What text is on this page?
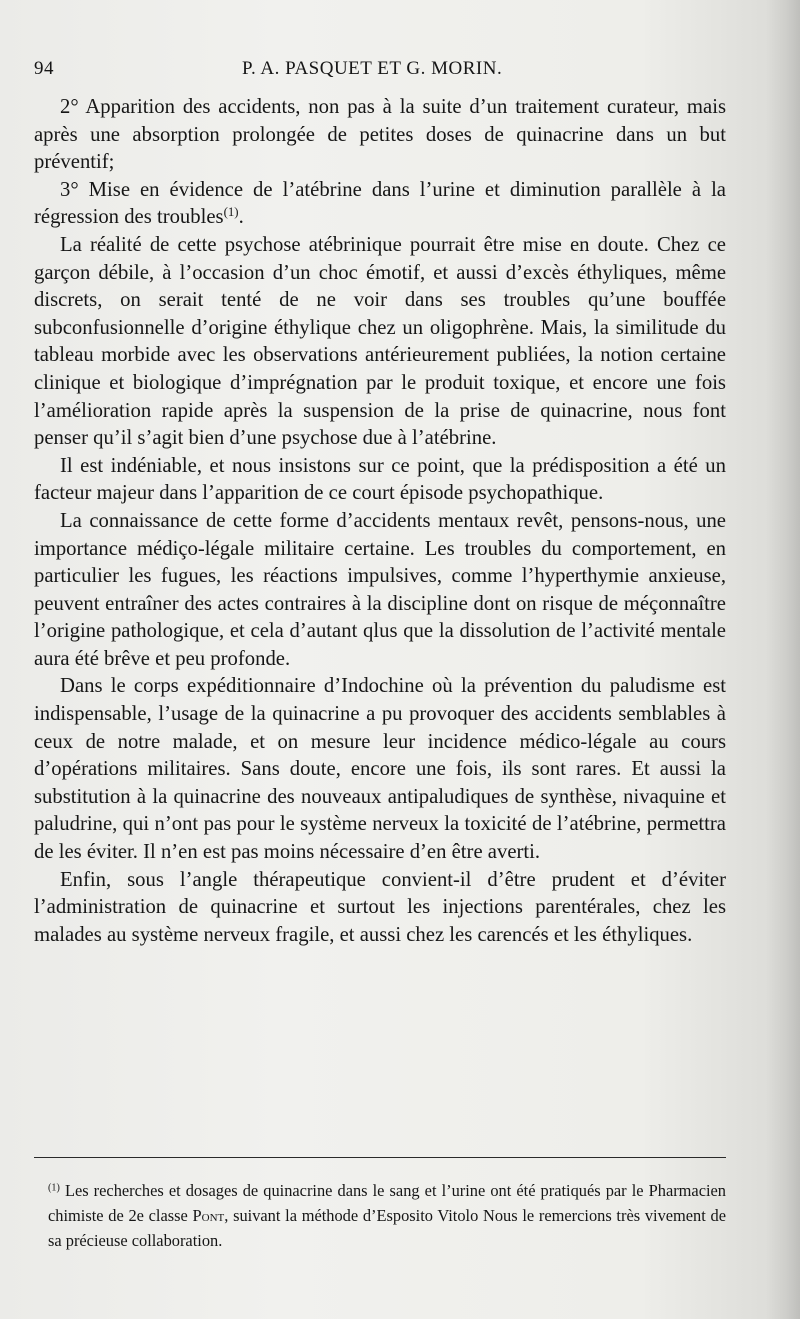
94	P. A. PASQUET ET G. MORIN.

2° Apparition des accidents, non pas à la suite d’un traitement curateur, mais après une absorption prolongée de petites doses de quinacrine dans un but préventif;

3° Mise en évidence de l’atébrine dans l’urine et diminution parallèle à la régression des troubles$^{(1)}$.

La réalité de cette psychose atébrinique pourrait être mise en doute. Chez ce garçon débile, à l’occasion d’un choc émotif, et aussi d’excès éthyliques, même discrets, on serait tenté de ne voir dans ses troubles qu’une bouffée subconfusionnelle d’origine éthylique chez un oligophrène. Mais, la similitude du tableau morbide avec les observations antérieurement publiées, la notion certaine clinique et biologique d’imprégnation par le produit toxique, et encore une fois l’amélioration rapide après la suspension de la prise de quinacrine, nous font penser qu’il s’agit bien d’une psychose due à l’atébrine.

Il est indéniable, et nous insistons sur ce point, que la prédisposition a été un facteur majeur dans l’apparition de ce court épisode psychopathique.

La connaissance de cette forme d’accidents mentaux revêt, pensons-nous, une importance médiço-légale militaire certaine. Les troubles du comportement, en particulier les fugues, les réactions impulsives, comme l’hyperthymie anxieuse, peuvent entraîner des actes contraires à la discipline dont on risque de méçonnaître l’origine pathologique, et cela d’autant qlus que la dissolution de l’activité mentale aura été brêve et peu profonde.

Dans le corps expéditionnaire d’Indochine où la prévention du paludisme est indispensable, l’usage de la quinacrine a pu provoquer des accidents semblables à ceux de notre malade, et on mesure leur incidence médico-légale au cours d’opérations militaires. Sans doute, encore une fois, ils sont rares. Et aussi la substitution à la quinacrine des nouveaux antipaludiques de synthèse, nivaquine et paludrine, qui n’ont pas pour le système nerveux la toxicité de l’atébrine, permettra de les éviter. Il n’en est pas moins nécessaire d’en être averti.

Enfin, sous l’angle thérapeutique convient-il d’être prudent et d’éviter l’administration de quinacrine et surtout les injections parentérales, chez les malades au système nerveux fragile, et aussi chez les carencés et les éthyliques.

$^{(1)}$ Les recherches et dosages de quinacrine dans le sang et l’urine ont été pratiqués par le Pharmacien chimiste de 2e classe Pont, suivant la méthode d’Esposito Vitolo Nous le remercions très vivement de sa précieuse collaboration.
